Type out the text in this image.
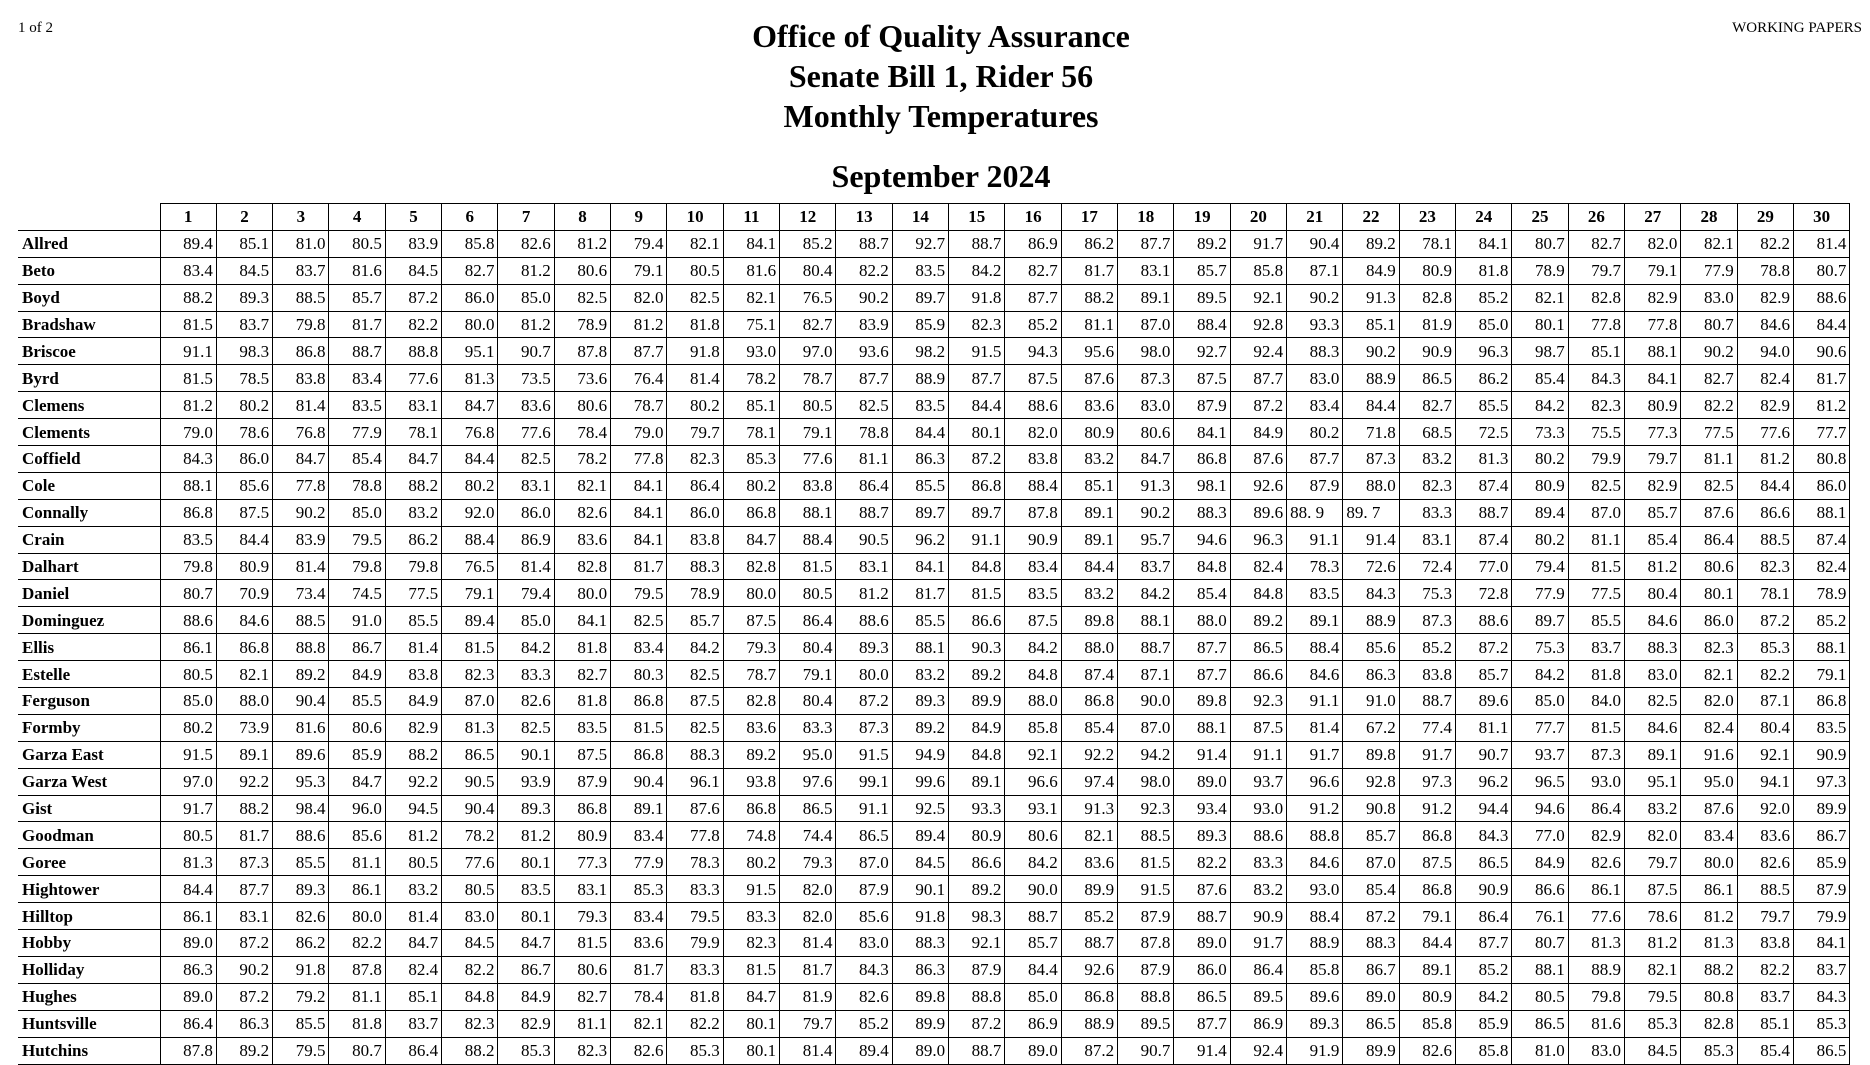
1 of 2	WORKING PAPERS
Office of Quality Assurance
Senate Bill 1, Rider 56
Monthly Temperatures
September 2024
	1	2	3	4	5	6	7	8	9	10	11	12	13	14	15	16	17	18	19	20	21	22	23	24	25	26	27	28	29	30
Allred	89.4	85.1	81.0	80.5	83.9	85.8	82.6	81.2	79.4	82.1	84.1	85.2	88.7	92.7	88.7	86.9	86.2	87.7	89.2	91.7	90.4	89.2	78.1	84.1	80.7	82.7	82.0	82.1	82.2	81.4
Beto	83.4	84.5	83.7	81.6	84.5	82.7	81.2	80.6	79.1	80.5	81.6	80.4	82.2	83.5	84.2	82.7	81.7	83.1	85.7	85.8	87.1	84.9	80.9	81.8	78.9	79.7	79.1	77.9	78.8	80.7
Boyd	88.2	89.3	88.5	85.7	87.2	86.0	85.0	82.5	82.0	82.5	82.1	76.5	90.2	89.7	91.8	87.7	88.2	89.1	89.5	92.1	90.2	91.3	82.8	85.2	82.1	82.8	82.9	83.0	82.9	88.6
Bradshaw	81.5	83.7	79.8	81.7	82.2	80.0	81.2	78.9	81.2	81.8	75.1	82.7	83.9	85.9	82.3	85.2	81.1	87.0	88.4	92.8	93.3	85.1	81.9	85.0	80.1	77.8	77.8	80.7	84.6	84.4
Briscoe	91.1	98.3	86.8	88.7	88.8	95.1	90.7	87.8	87.7	91.8	93.0	97.0	93.6	98.2	91.5	94.3	95.6	98.0	92.7	92.4	88.3	90.2	90.9	96.3	98.7	85.1	88.1	90.2	94.0	90.6
Byrd	81.5	78.5	83.8	83.4	77.6	81.3	73.5	73.6	76.4	81.4	78.2	78.7	87.7	88.9	87.7	87.5	87.6	87.3	87.5	87.7	83.0	88.9	86.5	86.2	85.4	84.3	84.1	82.7	82.4	81.7
Clemens	81.2	80.2	81.4	83.5	83.1	84.7	83.6	80.6	78.7	80.2	85.1	80.5	82.5	83.5	84.4	88.6	83.6	83.0	87.9	87.2	83.4	84.4	82.7	85.5	84.2	82.3	80.9	82.2	82.9	81.2
Clements	79.0	78.6	76.8	77.9	78.1	76.8	77.6	78.4	79.0	79.7	78.1	79.1	78.8	84.4	80.1	82.0	80.9	80.6	84.1	84.9	80.2	71.8	68.5	72.5	73.3	75.5	77.3	77.5	77.6	77.7
Coffield	84.3	86.0	84.7	85.4	84.7	84.4	82.5	78.2	77.8	82.3	85.3	77.6	81.1	86.3	87.2	83.8	83.2	84.7	86.8	87.6	87.7	87.3	83.2	81.3	80.2	79.9	79.7	81.1	81.2	80.8
Cole	88.1	85.6	77.8	78.8	88.2	80.2	83.1	82.1	84.1	86.4	80.2	83.8	86.4	85.5	86.8	88.4	85.1	91.3	98.1	92.6	87.9	88.0	82.3	87.4	80.9	82.5	82.9	82.5	84.4	86.0
Connally	86.8	87.5	90.2	85.0	83.2	92.0	86.0	82.6	84.1	86.0	86.8	88.1	88.7	89.7	89.7	87.8	89.1	90.2	88.3	89.6	88. 9	89. 7	83.3	88.7	89.4	87.0	85.7	87.6	86.6	88.1
Crain	83.5	84.4	83.9	79.5	86.2	88.4	86.9	83.6	84.1	83.8	84.7	88.4	90.5	96.2	91.1	90.9	89.1	95.7	94.6	96.3	91.1	91.4	83.1	87.4	80.2	81.1	85.4	86.4	88.5	87.4
Dalhart	79.8	80.9	81.4	79.8	79.8	76.5	81.4	82.8	81.7	88.3	82.8	81.5	83.1	84.1	84.8	83.4	84.4	83.7	84.8	82.4	78.3	72.6	72.4	77.0	79.4	81.5	81.2	80.6	82.3	82.4
Daniel	80.7	70.9	73.4	74.5	77.5	79.1	79.4	80.0	79.5	78.9	80.0	80.5	81.2	81.7	81.5	83.5	83.2	84.2	85.4	84.8	83.5	84.3	75.3	72.8	77.9	77.5	80.4	80.1	78.1	78.9
Dominguez	88.6	84.6	88.5	91.0	85.5	89.4	85.0	84.1	82.5	85.7	87.5	86.4	88.6	85.5	86.6	87.5	89.8	88.1	88.0	89.2	89.1	88.9	87.3	88.6	89.7	85.5	84.6	86.0	87.2	85.2
Ellis	86.1	86.8	88.8	86.7	81.4	81.5	84.2	81.8	83.4	84.2	79.3	80.4	89.3	88.1	90.3	84.2	88.0	88.7	87.7	86.5	88.4	85.6	85.2	87.2	75.3	83.7	88.3	82.3	85.3	88.1
Estelle	80.5	82.1	89.2	84.9	83.8	82.3	83.3	82.7	80.3	82.5	78.7	79.1	80.0	83.2	89.2	84.8	87.4	87.1	87.7	86.6	84.6	86.3	83.8	85.7	84.2	81.8	83.0	82.1	82.2	79.1
Ferguson	85.0	88.0	90.4	85.5	84.9	87.0	82.6	81.8	86.8	87.5	82.8	80.4	87.2	89.3	89.9	88.0	86.8	90.0	89.8	92.3	91.1	91.0	88.7	89.6	85.0	84.0	82.5	82.0	87.1	86.8
Formby	80.2	73.9	81.6	80.6	82.9	81.3	82.5	83.5	81.5	82.5	83.6	83.3	87.3	89.2	84.9	85.8	85.4	87.0	88.1	87.5	81.4	67.2	77.4	81.1	77.7	81.5	84.6	82.4	80.4	83.5
Garza East	91.5	89.1	89.6	85.9	88.2	86.5	90.1	87.5	86.8	88.3	89.2	95.0	91.5	94.9	84.8	92.1	92.2	94.2	91.4	91.1	91.7	89.8	91.7	90.7	93.7	87.3	89.1	91.6	92.1	90.9
Garza West	97.0	92.2	95.3	84.7	92.2	90.5	93.9	87.9	90.4	96.1	93.8	97.6	99.1	99.6	89.1	96.6	97.4	98.0	89.0	93.7	96.6	92.8	97.3	96.2	96.5	93.0	95.1	95.0	94.1	97.3
Gist	91.7	88.2	98.4	96.0	94.5	90.4	89.3	86.8	89.1	87.6	86.8	86.5	91.1	92.5	93.3	93.1	91.3	92.3	93.4	93.0	91.2	90.8	91.2	94.4	94.6	86.4	83.2	87.6	92.0	89.9
Goodman	80.5	81.7	88.6	85.6	81.2	78.2	81.2	80.9	83.4	77.8	74.8	74.4	86.5	89.4	80.9	80.6	82.1	88.5	89.3	88.6	88.8	85.7	86.8	84.3	77.0	82.9	82.0	83.4	83.6	86.7
Goree	81.3	87.3	85.5	81.1	80.5	77.6	80.1	77.3	77.9	78.3	80.2	79.3	87.0	84.5	86.6	84.2	83.6	81.5	82.2	83.3	84.6	87.0	87.5	86.5	84.9	82.6	79.7	80.0	82.6	85.9
Hightower	84.4	87.7	89.3	86.1	83.2	80.5	83.5	83.1	85.3	83.3	91.5	82.0	87.9	90.1	89.2	90.0	89.9	91.5	87.6	83.2	93.0	85.4	86.8	90.9	86.6	86.1	87.5	86.1	88.5	87.9
Hilltop	86.1	83.1	82.6	80.0	81.4	83.0	80.1	79.3	83.4	79.5	83.3	82.0	85.6	91.8	98.3	88.7	85.2	87.9	88.7	90.9	88.4	87.2	79.1	86.4	76.1	77.6	78.6	81.2	79.7	79.9
Hobby	89.0	87.2	86.2	82.2	84.7	84.5	84.7	81.5	83.6	79.9	82.3	81.4	83.0	88.3	92.1	85.7	88.7	87.8	89.0	91.7	88.9	88.3	84.4	87.7	80.7	81.3	81.2	81.3	83.8	84.1
Holliday	86.3	90.2	91.8	87.8	82.4	82.2	86.7	80.6	81.7	83.3	81.5	81.7	84.3	86.3	87.9	84.4	92.6	87.9	86.0	86.4	85.8	86.7	89.1	85.2	88.1	88.9	82.1	88.2	82.2	83.7
Hughes	89.0	87.2	79.2	81.1	85.1	84.8	84.9	82.7	78.4	81.8	84.7	81.9	82.6	89.8	88.8	85.0	86.8	88.8	86.5	89.5	89.6	89.0	80.9	84.2	80.5	79.8	79.5	80.8	83.7	84.3
Huntsville	86.4	86.3	85.5	81.8	83.7	82.3	82.9	81.1	82.1	82.2	80.1	79.7	85.2	89.9	87.2	86.9	88.9	89.5	87.7	86.9	89.3	86.5	85.8	85.9	86.5	81.6	85.3	82.8	85.1	85.3
Hutchins	87.8	89.2	79.5	80.7	86.4	88.2	85.3	82.3	82.6	85.3	80.1	81.4	89.4	89.0	88.7	89.0	87.2	90.7	91.4	92.4	91.9	89.9	82.6	85.8	81.0	83.0	84.5	85.3	85.4	86.5
